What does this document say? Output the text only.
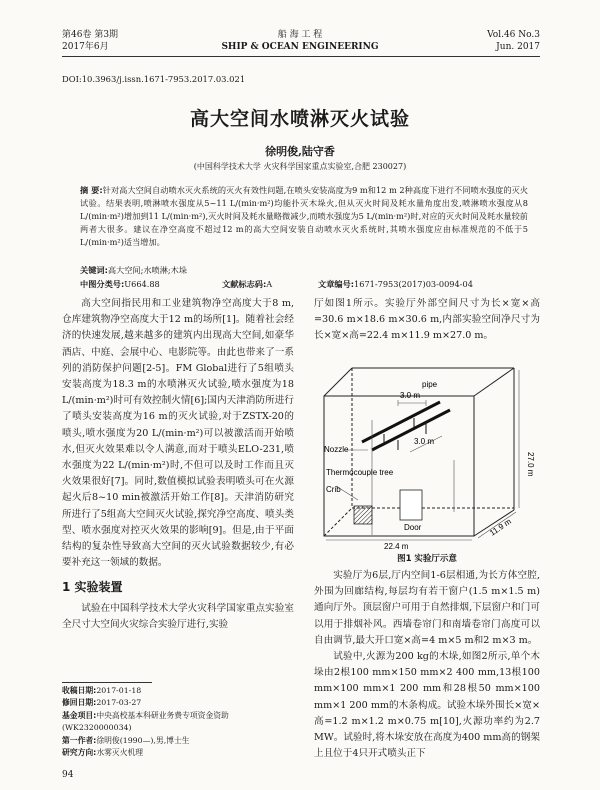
第46卷 第3期
2017年6月
船 海 工 程
SHIP & OCEAN ENGINEERING
Vol.46 No.3
Jun. 2017
DOI:10.3963/j.issn.1671-7953.2017.03.021
高大空间水喷淋灭火试验
徐明俊,陆守香
(中国科学技术大学 火灾科学国家重点实验室,合肥 230027)
摘 要:针对高大空间自动喷水灭火系统的灭火有效性问题,在喷头安装高度为9 m和12 m 2种高度下进行不同喷水强度的灭火试验。结果表明,喷淋喷水强度从5~11 L/(min·m²)均能扑灭木垛火,但从灭火时间及耗水量角度出发,喷淋喷水强度从8 L/(min·m²)增加到11 L/(min·m²),灭火时间及耗水量略微减少,而喷水强度为5 L/(min·m²)时,对应的灭火时间及耗水量较前两者大很多。建议在净空高度不超过12 m的高大空间安装自动喷水灭火系统时,其喷水强度应由标准规范的不低于5 L/(min·m²)适当增加。
关键词:高大空间;水喷淋;木垛
中图分类号:U664.88	文献标志码:A	文章编号:1671-7953(2017)03-0094-04

高大空间指民用和工业建筑物净空高度大于8 m,仓库建筑物净空高度大于12 m的场所[1]。随着社会经济的快速发展,越来越多的建筑内出现高大空间,如豪华酒店、中庭、会展中心、电影院等。由此也带来了一系列的消防保护问题[2-5]。FM Global进行了5组喷头安装高度为18.3 m的水喷淋灭火试验,喷水强度为18 L/(min·m²)时可有效控制火情[6];国内天津消防所进行了喷头安装高度为16 m的灭火试验,对于ZSTX-20的喷头,喷水强度为20 L/(min·m²)可以被激活而开始喷水,但灭火效果难以令人满意,而对于喷头ELO-231,喷水强度为22 L/(min·m²)时,不但可以及时工作而且灭火效果很好[7]。同时,数值模拟试验表明喷头可在火源起火后8~10 min被激活开始工作[8]。天津消防研究所进行了5组高大空间灭火试验,探究净空高度、喷头类型、喷水强度对控灭火效果的影响[9]。但是,由于平面结构的复杂性导致高大空间的灭火试验数据较少,有必要补充这一领域的数据。

1 实验装置

试验在中国科学技术大学火灾科学国家重点实验室全尺寸大空间火灾综合实验厅进行,实验

收稿日期:2017-01-18
修回日期:2017-03-27
基金项目:中央高校基本科研业务费专项资金资助(WK2320000034)
第一作者:徐明俊(1990—),男,博士生
研究方向:水雾灭火机理
94
厅如图1所示。实验厅外部空间尺寸为长×宽×高=30.6 m×18.6 m×30.6 m,内部实验空间净尺寸为长×宽×高=22.4 m×11.9 m×27.0 m。
pipe
Nozzle
Thermocouple tree
Crib
Door
3.0 m
3.0 m
27.0 m
22.4 m
11.9 m
图1 实验厅示意

实验厅为6层,厅内空间1-6层相通,为长方体空腔,外围为回廊结构,每层均有若干窗户(1.5 m×1.5 m)通向厅外。顶层窗户可用于自然排烟,下层窗户和门可以用于排烟补风。西墙卷帘门和南墙卷帘门高度可以自由调节,最大开口宽×高=4 m×5 m和2 m×3 m。

试验中,火源为200 kg的木垛,如图2所示,单个木垛由2根100 mm×150 mm×2 400 mm,13根100 mm×100 mm×1 200 mm和28根50 mm×100 mm×1 200 mm的木条构成。试验木垛外围长×宽×高=1.2 m×1.2 m×0.75 m[10],火源功率约为2.7 MW。试验时,将木垛安放在高度为400 mm高的钢架上且位于4只开式喷头正下
